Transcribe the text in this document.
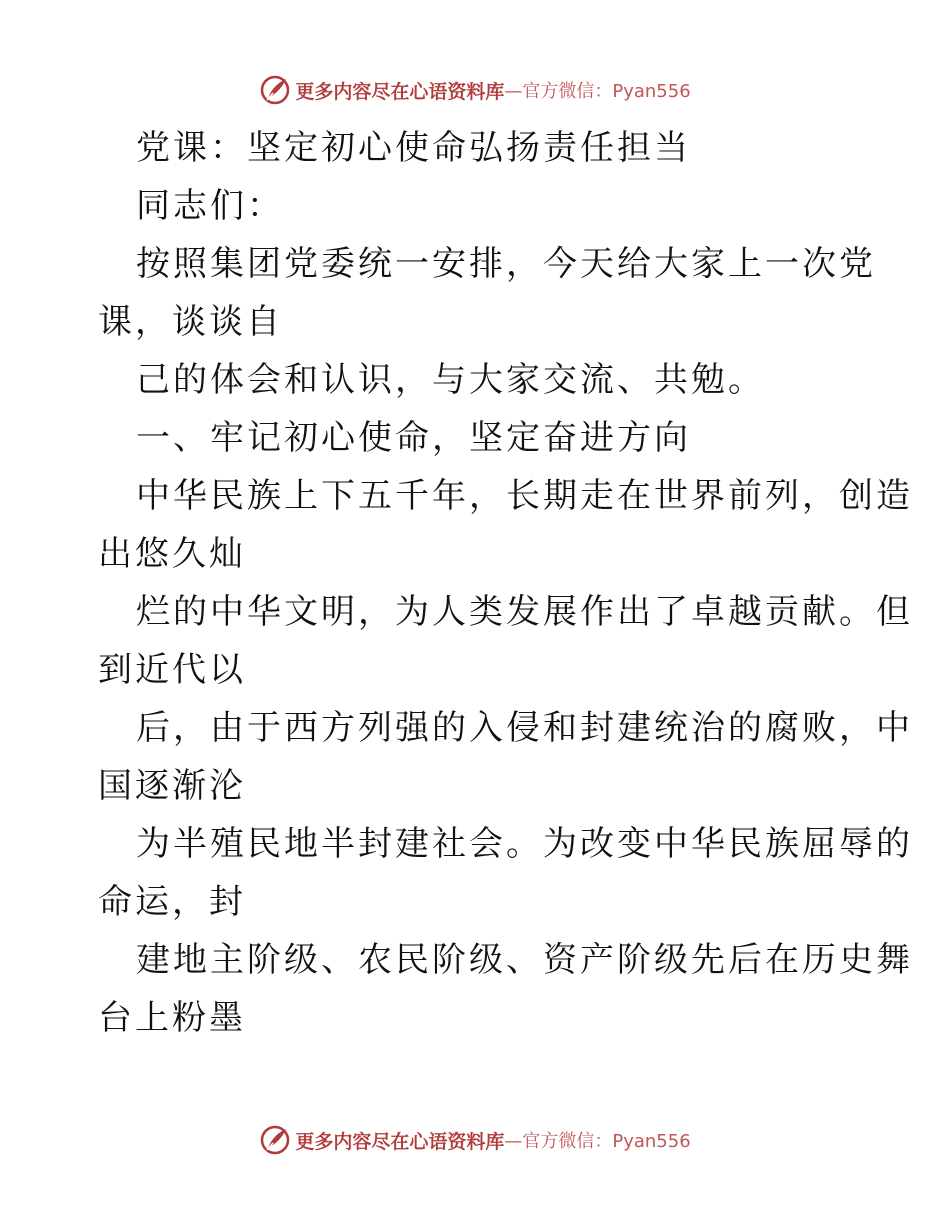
更多内容尽在心语资料库 —官方微信：Pyan556
党课：坚定初心使命弘扬责任担当
同志们：
按照集团党委统一安排，今天给大家上一次党
课，谈谈自
己的体会和认识，与大家交流、共勉。
一、牢记初心使命，坚定奋进方向
中华民族上下五千年，长期走在世界前列，创造
出悠久灿
烂的中华文明，为人类发展作出了卓越贡献。但
到近代以
后，由于西方列强的入侵和封建统治的腐败，中
国逐渐沦
为半殖民地半封建社会。为改变中华民族屈辱的
命运，封
建地主阶级、农民阶级、资产阶级先后在历史舞
台上粉墨
更多内容尽在心语资料库 —官方微信：Pyan556
